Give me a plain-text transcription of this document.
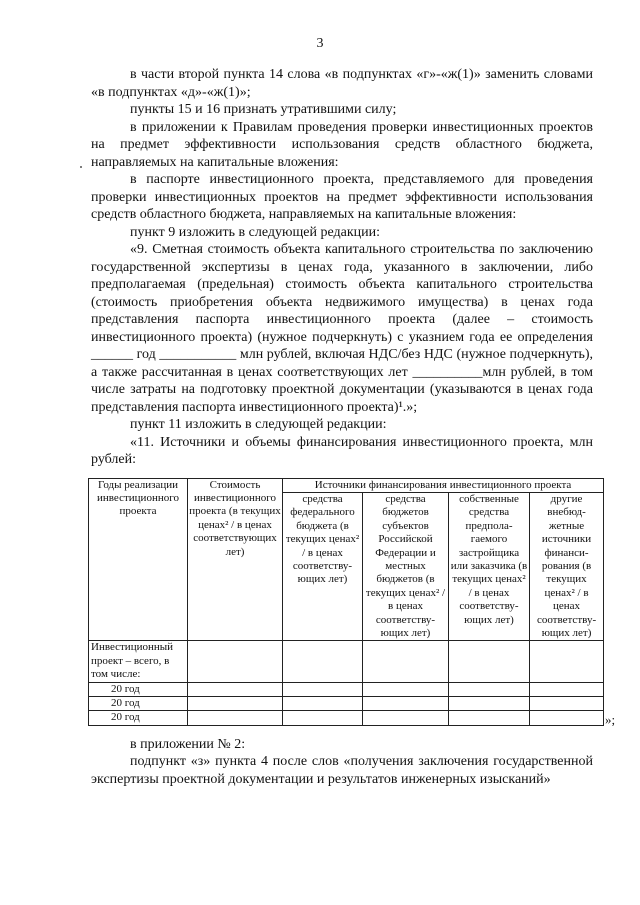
3

в части второй пункта 14 слова «в подпунктах «г»-«ж(1)» заменить словами «в подпунктах «д»-«ж(1)»;

пункты 15 и 16 признать утратившими силу;

в приложении к Правилам проведения проверки инвестиционных проектов на предмет эффективности использования средств областного бюджета, направляемых на капитальные вложения:

в паспорте инвестиционного проекта, представляемого для проведения проверки инвестиционных проектов на предмет эффективности использования средств областного бюджета, направляемых на капитальные вложения:

пункт 9 изложить в следующей редакции:

«9. Сметная стоимость объекта капитального строительства по заключению государственной экспертизы в ценах года, указанного в заключении, либо предполагаемая (предельная) стоимость объекта капитального строительства (стоимость приобретения объекта недвижимого имущества) в ценах года представления паспорта инвестиционного проекта (далее – стоимость инвестиционного проекта) (нужное подчеркнуть) с указнием года ее определения ______ год ___________ млн рублей, включая НДС/без НДС (нужное подчеркнуть), а также рассчитанная в ценах соответствующих лет __________млн рублей, в том числе затраты на подготовку проектной документации (указываются в ценах года представления паспорта инвестиционного проекта)¹.»;

пункт 11 изложить в следующей редакции:

«11. Источники и объемы финансирования инвестиционного проекта, млн рублей:

Годы реализации инвестиционного проекта	Стоимость инвестиционного проекта (в текущих ценах² / в ценах соответствующих лет)	Источники финансирования инвестиционного проекта			
		средства федерального бюджета (в текущих ценах² / в ценах соответству-ющих лет)	средства бюджетов субъектов Российской Федерации и местных бюджетов (в текущих ценах² / в ценах соответству-ющих лет)	собственные средства предпола-гаемого застройщика или заказчика (в текущих ценах² / в ценах соответству-ющих лет)	другие внебюд-жетные источники финанси-рования (в текущих ценах² / в ценах соответству-ющих лет)
Инвестиционный проект – всего, в том числе:					
20 год					
20 год					
20 год						»;

в приложении № 2:

подпункт «з» пункта 4 после слов «получения заключения государственной экспертизы проектной документации и результатов инженерных изысканий»
